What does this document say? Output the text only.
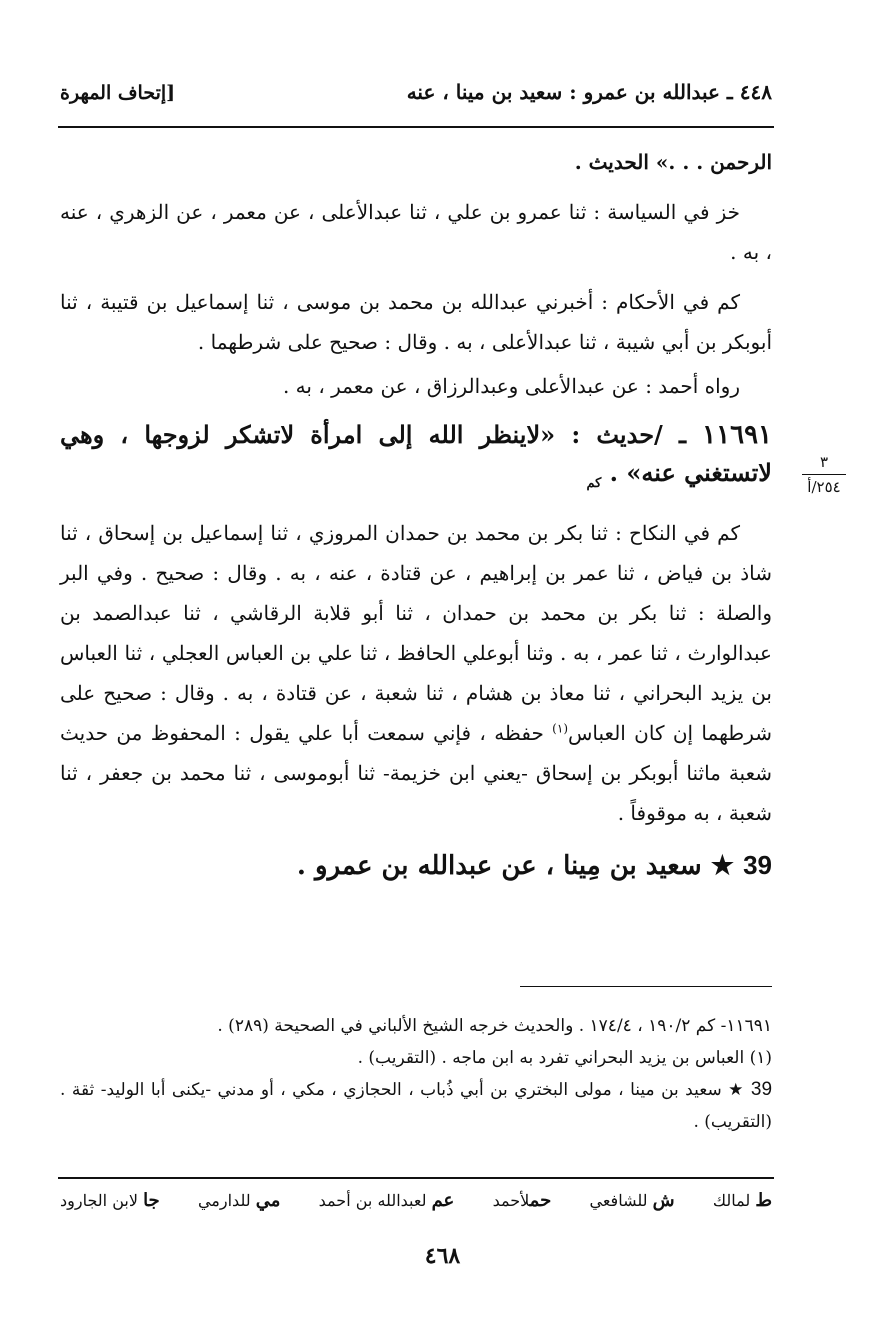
٤٤٨ ـ عبدالله بن عمرو : سعيد بن مينا ، عنه
[إتحاف المهرة
٣
٢٥٤/أ

الرحمن . . .» الحديث .

خز في السياسة : ثنا عمرو بن علي ، ثنا عبدالأعلى ، عن معمر ، عن الزهري ، عنه ، به .

كم في الأحكام : أخبرني عبدالله بن محمد بن موسى ، ثنا إسماعيل بن قتيبة ، ثنا أبوبكر بن أبي شيبة ، ثنا عبدالأعلى ، به . وقال : صحيح على شرطهما .

رواه أحمد : عن عبدالأعلى وعبدالرزاق ، عن معمر ، به .

١١٦٩١ ـ /حديث : «لاينظر الله إلى امرأة لاتشكر لزوجها ، وهي لاتستغني عنه» . $_{كم}$

كم في النكاح : ثنا بكر بن محمد بن حمدان المروزي ، ثنا إسماعيل بن إسحاق ، ثنا شاذ بن فياض ، ثنا عمر بن إبراهيم ، عن قتادة ، عنه ، به . وقال : صحيح . وفي البر والصلة : ثنا بكر بن محمد بن حمدان ، ثنا أبو قلابة الرقاشي ، ثنا عبدالصمد بن عبدالوارث ، ثنا عمر ، به . وثنا أبوعلي الحافظ ، ثنا علي بن العباس العجلي ، ثنا العباس بن يزيد البحراني ، ثنا معاذ بن هشام ، ثنا شعبة ، عن قتادة ، به . وقال : صحيح على شرطهما إن كان العباس$^{(١)}$ حفظه ، فإني سمعت أبا علي يقول : المحفوظ من حديث شعبة ماثنا أبوبكر بن إسحاق -يعني ابن خزيمة- ثنا أبوموسى ، ثنا محمد بن جعفر ، ثنا شعبة ، به موقوفاً .

39 ★ سعيد بن مِينا ، عن عبدالله بن عمرو .

١١٦٩١- كم ١٩٠/٢ ، ١٧٤/٤ . والحديث خرجه الشيخ الألباني في الصحيحة (٢٨٩) .

(١) العباس بن يزيد البحراني تفرد به ابن ماجه . (التقريب) .

39 ★ سعيد بن مينا ، مولى البختري بن أبي ذُباب ، الحجازي ، مكي ، أو مدني -يكنى أبا الوليد- ثقة . (التقريب) .

ط لمالك
ش للشافعي
حملأحمد
عم لعبدالله بن أحمد
مي للدارمي
جا لابن الجارود
٤٦٨
